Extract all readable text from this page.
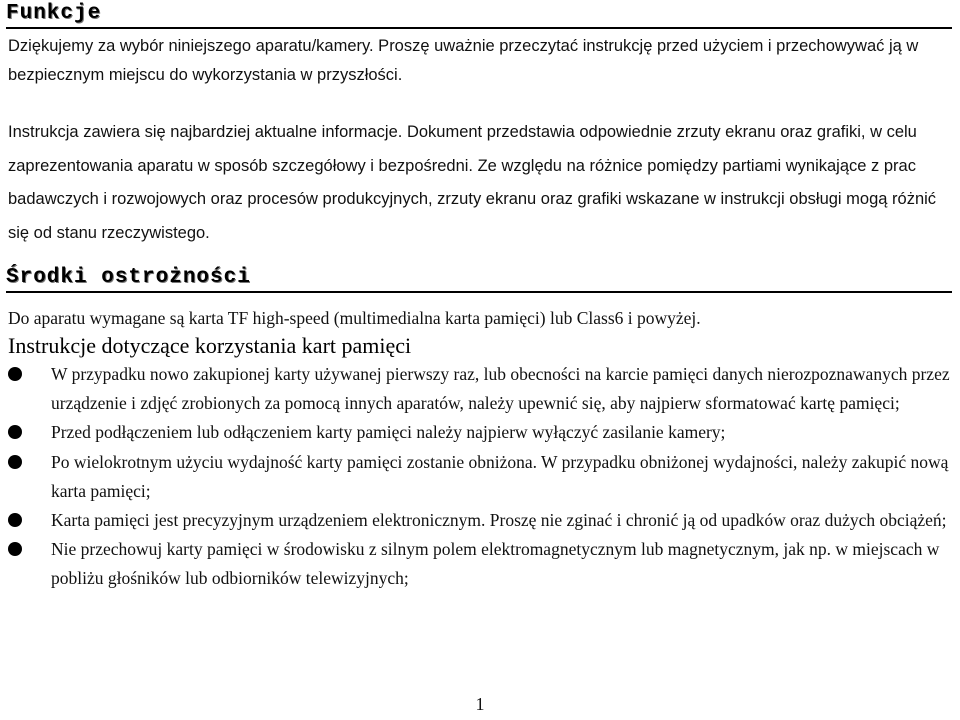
Funkcje

Dziękujemy za wybór niniejszego aparatu/kamery. Proszę uważnie przeczytać instrukcję przed użyciem i przechowywać ją w bezpiecznym miejscu do wykorzystania w przyszłości.

Instrukcja zawiera się najbardziej aktualne informacje. Dokument przedstawia odpowiednie zrzuty ekranu oraz grafiki, w celu zaprezentowania aparatu w sposób szczegółowy i bezpośredni. Ze względu na różnice pomiędzy partiami wynikające z prac badawczych i rozwojowych oraz procesów produkcyjnych, zrzuty ekranu oraz grafiki wskazane w instrukcji obsługi mogą różnić się od stanu rzeczywistego.

Środki ostrożności

Do aparatu wymagane są karta TF high-speed (multimedialna karta pamięci) lub Class6 i powyżej.

Instrukcje dotyczące korzystania kart pamięci
W przypadku nowo zakupionej karty używanej pierwszy raz, lub obecności na karcie pamięci danych nierozpoznawanych przez urządzenie i zdjęć zrobionych za pomocą innych aparatów, należy upewnić się, aby najpierw sformatować kartę pamięci;
Przed podłączeniem lub odłączeniem karty pamięci należy najpierw wyłączyć zasilanie kamery;
Po wielokrotnym użyciu wydajność karty pamięci zostanie obniżona. W przypadku obniżonej wydajności, należy zakupić nową karta pamięci;
Karta pamięci jest precyzyjnym urządzeniem elektronicznym. Proszę nie zginać i chronić ją od upadków oraz dużych obciążeń;
Nie przechowuj karty pamięci w środowisku z silnym polem elektromagnetycznym lub magnetycznym, jak np. w miejscach w pobliżu głośników lub odbiorników telewizyjnych;
1
